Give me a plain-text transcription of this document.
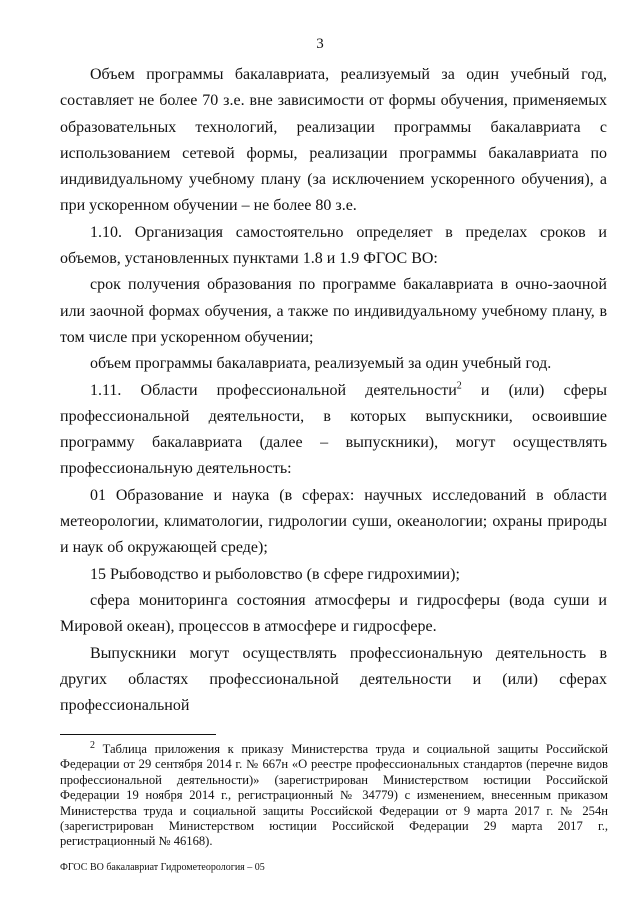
3

Объем программы бакалавриата, реализуемый за один учебный год, составляет не более 70 з.е. вне зависимости от формы обучения, применяемых образовательных технологий, реализации программы бакалавриата с использованием сетевой формы, реализации программы бакалавриата по индивидуальному учебному плану (за исключением ускоренного обучения), а при ускоренном обучении – не более 80 з.е.

1.10. Организация самостоятельно определяет в пределах сроков и объемов, установленных пунктами 1.8 и 1.9 ФГОС ВО:

срок получения образования по программе бакалавриата в очно-заочной или заочной формах обучения, а также по индивидуальному учебному плану, в том числе при ускоренном обучении;

объем программы бакалавриата, реализуемый за один учебный год.

1.11. Области профессиональной деятельности$^2$ и (или) сферы профессиональной деятельности, в которых выпускники, освоившие программу бакалавриата (далее – выпускники), могут осуществлять профессиональную деятельность:

01 Образование и наука (в сферах: научных исследований в области метеорологии, климатологии, гидрологии суши, океанологии; охраны природы и наук об окружающей среде);

15 Рыбоводство и рыболовство (в сфере гидрохимии);

сфера мониторинга состояния атмосферы и гидросферы (вода суши и Мировой океан), процессов в атмосфере и гидросфере.

Выпускники могут осуществлять профессиональную деятельность в других областях профессиональной деятельности и (или) сферах профессиональной

$^2$ Таблица приложения к приказу Министерства труда и социальной защиты Российской Федерации от 29 сентября 2014 г. № 667н «О реестре профессиональных стандартов (перечне видов профессиональной деятельности)» (зарегистрирован Министерством юстиции Российской Федерации 19 ноября 2014 г., регистрационный № 34779) с изменением, внесенным приказом Министерства труда и социальной защиты Российской Федерации от 9 марта 2017 г. № 254н (зарегистрирован Министерством юстиции Российской Федерации 29 марта 2017 г., регистрационный № 46168).

ФГОС ВО бакалавриат Гидрометеорология – 05
